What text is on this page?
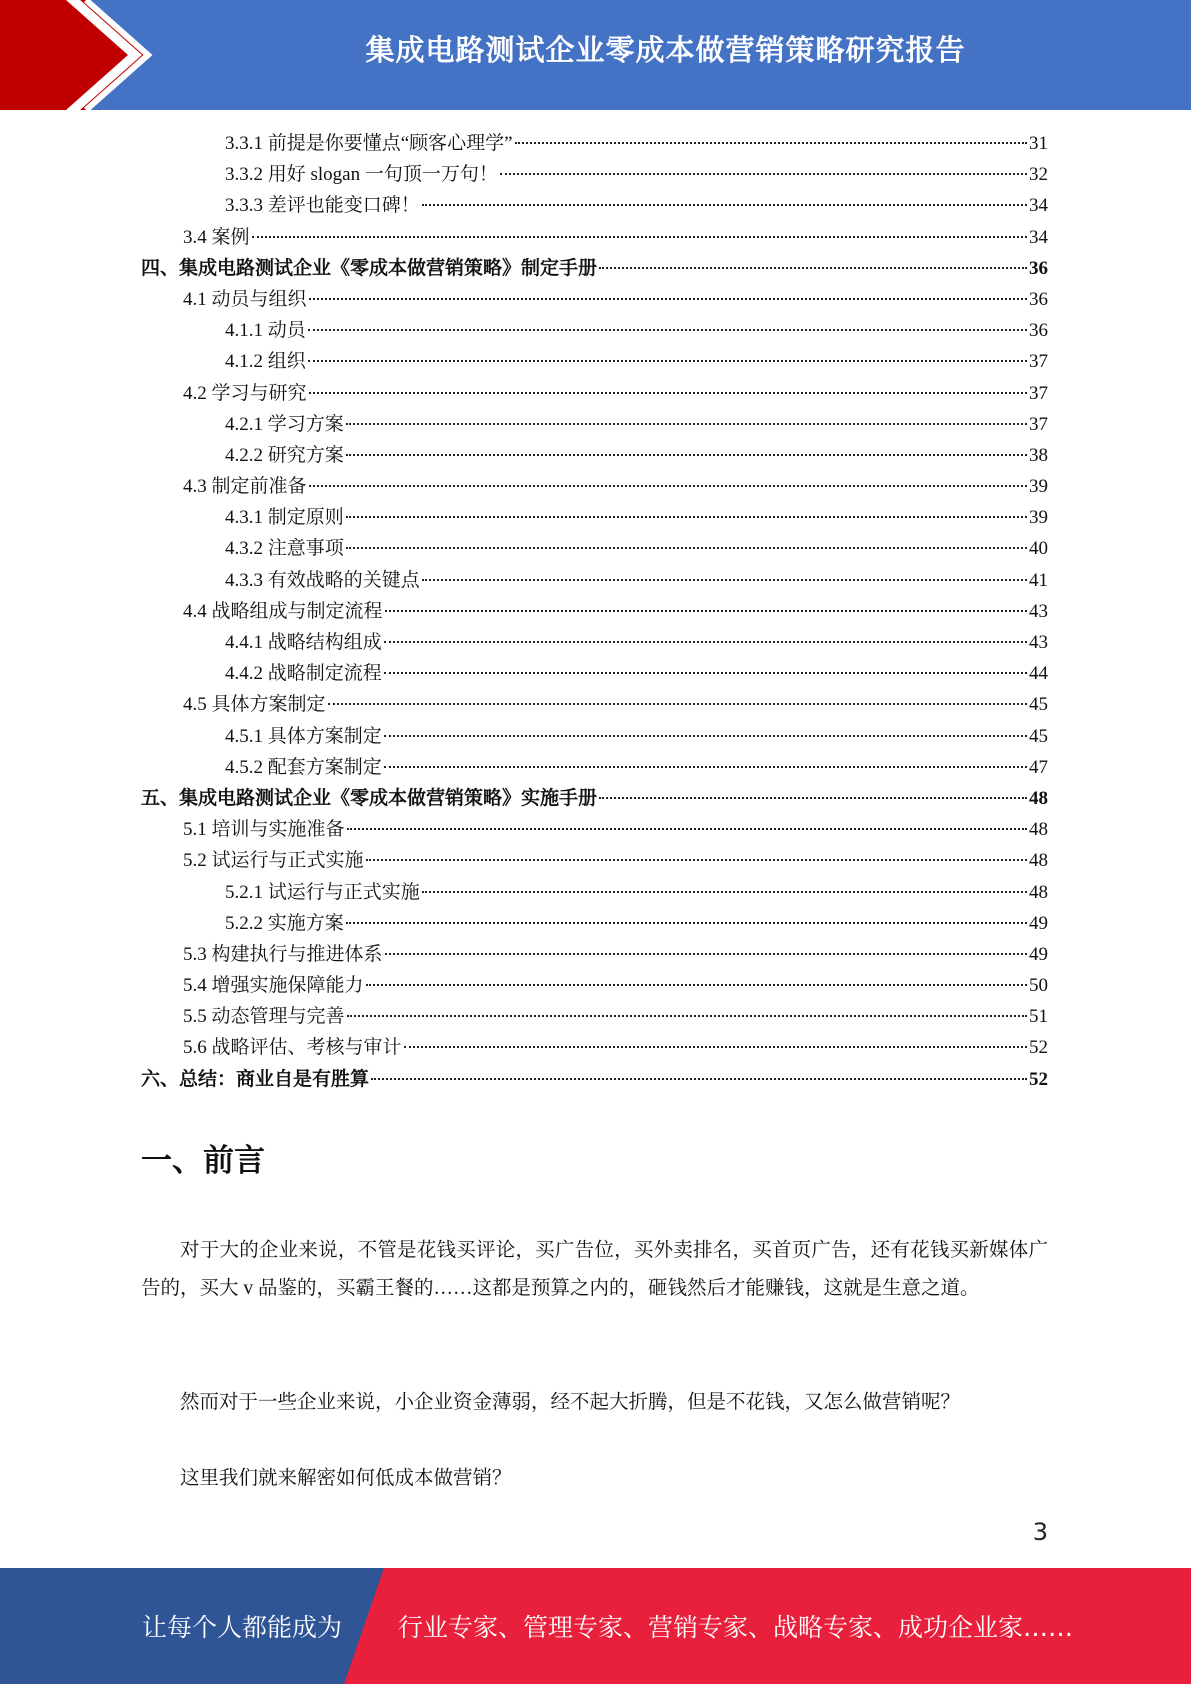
集成电路测试企业零成本做营销策略研究报告
3.3.1 前提是你要懂点“顾客心理学”	31
3.3.2 用好 slogan 一句顶一万句！	32
3.3.3 差评也能变口碑！	34
3.4 案例	34
四、集成电路测试企业《零成本做营销策略》制定手册	36
4.1 动员与组织	36
4.1.1 动员	36
4.1.2 组织	37
4.2 学习与研究	37
4.2.1 学习方案	37
4.2.2 研究方案	38
4.3 制定前准备	39
4.3.1 制定原则	39
4.3.2 注意事项	40
4.3.3 有效战略的关键点	41
4.4 战略组成与制定流程	43
4.4.1 战略结构组成	43
4.4.2 战略制定流程	44
4.5 具体方案制定	45
4.5.1 具体方案制定	45
4.5.2 配套方案制定	47
五、集成电路测试企业《零成本做营销策略》实施手册	48
5.1 培训与实施准备	48
5.2 试运行与正式实施	48
5.2.1 试运行与正式实施	48
5.2.2 实施方案	49
5.3 构建执行与推进体系	49
5.4 增强实施保障能力	50
5.5 动态管理与完善	51
5.6 战略评估、考核与审计	52
六、总结：商业自是有胜算	52
一、前言
对于大的企业来说，不管是花钱买评论，买广告位，买外卖排名，买首页广告，还有花钱买新媒体广告的，买大 v 品鉴的，买霸王餐的……这都是预算之内的，砸钱然后才能赚钱，这就是生意之道。
然而对于一些企业来说，小企业资金薄弱，经不起大折腾，但是不花钱，又怎么做营销呢？
这里我们就来解密如何低成本做营销？
3
让每个人都能成为 行业专家、管理专家、营销专家、战略专家、成功企业家……
